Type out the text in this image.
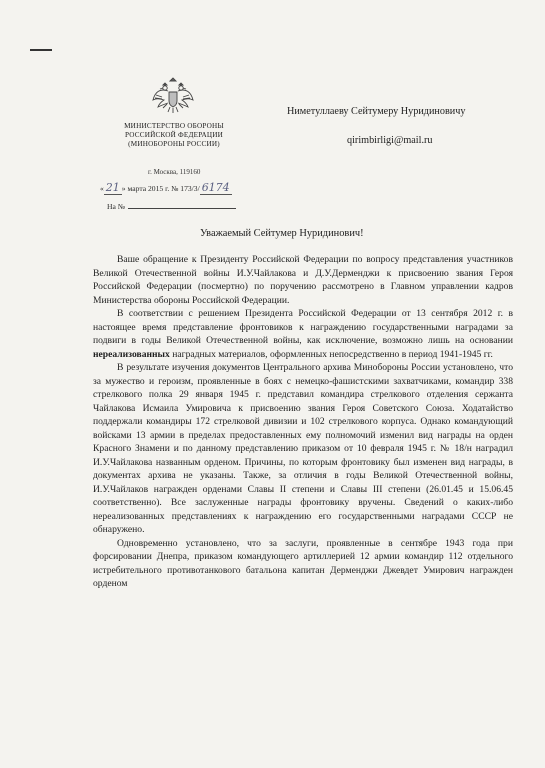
МИНИСТЕРСТВО ОБОРОНЫ
РОССИЙСКОЙ ФЕДЕРАЦИИ
(МИНОБОРОНЫ РОССИИ)
Ниметуллаеву Сейтумеру Нуридиновичу
qirimbirligi@mail.ru
г. Москва, 119160
« 21 » марта 2015 г. № 173/3/ 6174
На №
Уважаемый Сейтумер Нуридинович!

Ваше обращение к Президенту Российской Федерации по вопросу представления участников Великой Отечественной войны И.У.Чайлакова и Д.У.Дерменджи к присвоению звания Героя Российской Федерации (посмертно) по поручению рассмотрено в Главном управлении кадров Министерства обороны Российской Федерации.

В соответствии с решением Президента Российской Федерации от 13 сентября 2012 г. в настоящее время представление фронтовиков к награждению государственными наградами за подвиги в годы Великой Отечественной войны, как исключение, возможно лишь на основании нереализованных наградных материалов, оформленных непосредственно в период 1941-1945 гг.

В результате изучения документов Центрального архива Минобороны России установлено, что за мужество и героизм, проявленные в боях с немецко-фашистскими захватчиками, командир 338 стрелкового полка 29 января 1945 г. представил командира стрелкового отделения сержанта Чайлакова Исмаила Умировича к присвоению звания Героя Советского Союза. Ходатайство поддержали командиры 172 стрелковой дивизии и 102 стрелкового корпуса. Однако командующий войсками 13 армии в пределах предоставленных ему полномочий изменил вид награды на орден Красного Знамени и по данному представлению приказом от 10 февраля 1945 г. № 18/н наградил И.У.Чайлакова названным орденом. Причины, по которым фронтовику был изменен вид награды, в документах архива не указаны. Также, за отличия в годы Великой Отечественной войны, И.У.Чайлаков награжден орденами Славы II степени и Славы III степени (26.01.45 и 15.06.45 соответственно). Все заслуженные награды фронтовику вручены. Сведений о каких-либо нереализованных представлениях к награждению его государственными наградами СССР не обнаружено.

Одновременно установлено, что за заслуги, проявленные в сентябре 1943 года при форсировании Днепра, приказом командующего артиллерией 12 армии командир 112 отдельного истребительного противотанкового батальона капитан Дерменджи Джевдет Умирович награжден орденом
